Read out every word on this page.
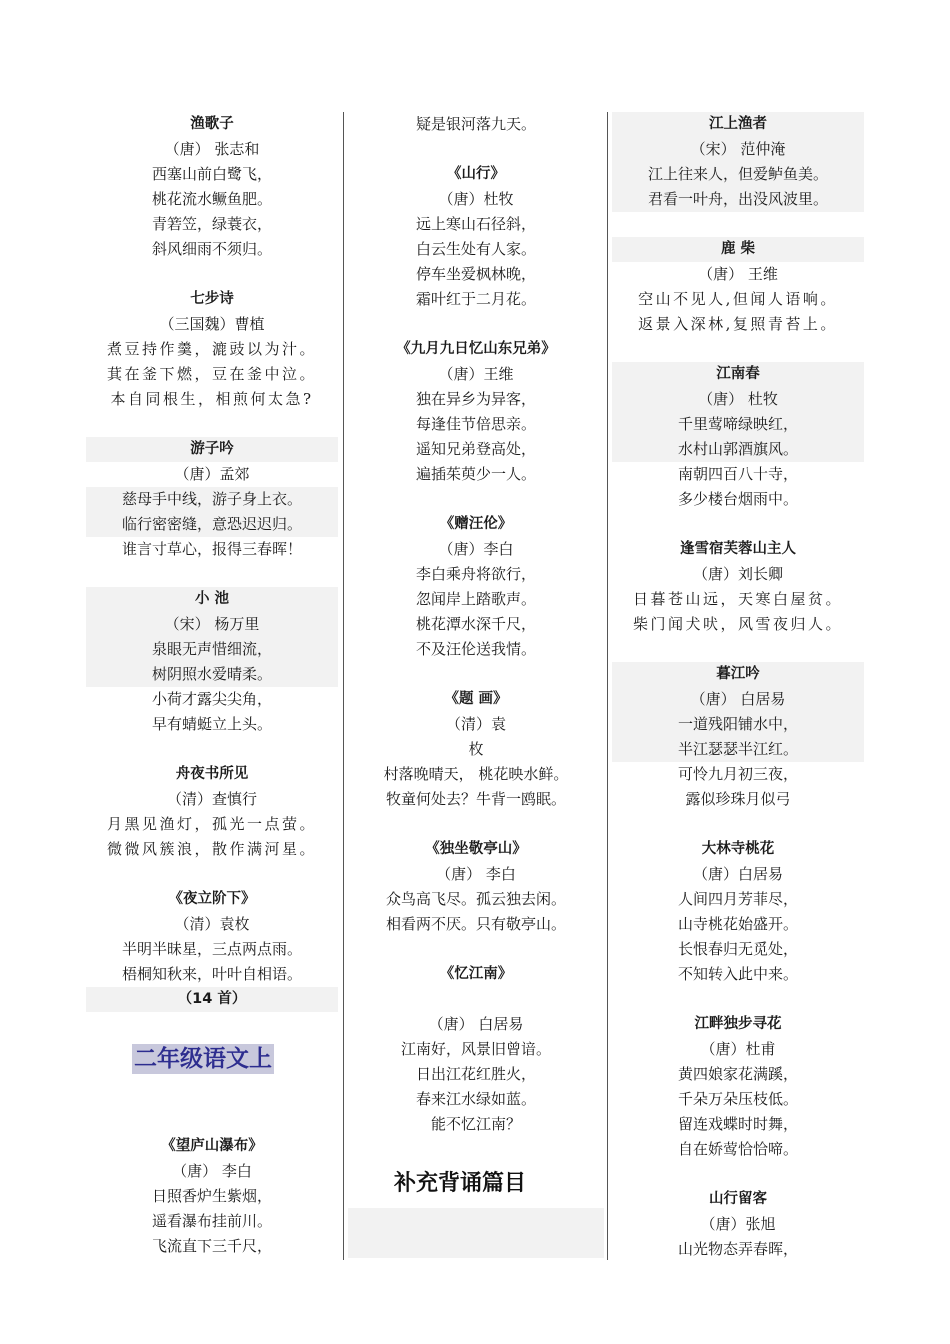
渔歌子
（唐） 张志和
西塞山前白鹭飞，
桃花流水鳜鱼肥。
青箬笠，绿蓑衣，
斜风细雨不须归。
七步诗
（三国魏）曹植
煮豆持作羹，漉豉以为汁。
萁在釜下燃，豆在釜中泣。
本自同根生，相煎何太急?
游子吟
（唐）孟郊
慈母手中线，游子身上衣。
临行密密缝，意恐迟迟归。
谁言寸草心，报得三春晖！
小 池
（宋） 杨万里
泉眼无声惜细流，
树阴照水爱晴柔。
小荷才露尖尖角，
早有蜻蜓立上头。
舟夜书所见
（清）查慎行
月黑见渔灯，孤光一点萤。
微微风簇浪，散作满河星。
《夜立阶下》
（清）袁枚
半明半昧星，三点两点雨。
梧桐知秋来，叶叶自相语。
（14 首）
《望庐山瀑布》
（唐） 李白
日照香炉生紫烟，
遥看瀑布挂前川。
飞流直下三千尺，
疑是银河落九天。
《山行》
（唐）杜牧
远上寒山石径斜，
白云生处有人家。
停车坐爱枫林晚，
霜叶红于二月花。
《九月九日忆山东兄弟》
（唐）王维
独在异乡为异客，
每逢佳节倍思亲。
遥知兄弟登高处，
遍插茱萸少一人。
《赠汪伦》
（唐）李白
李白乘舟将欲行，
忽闻岸上踏歌声。
桃花潭水深千尺，
不及汪伦送我情。
《题 画》
（清）袁
枚
村落晚晴天， 桃花映水鲜。
牧童何处去？牛背一鸥眠。
《独坐敬亭山》
（唐） 李白
众鸟高飞尽。孤云独去闲。
相看两不厌。只有敬亭山。
《忆江南》
（唐） 白居易
江南好，风景旧曾谙。
日出江花红胜火，
春来江水绿如蓝。
能不忆江南？
江上渔者
（宋） 范仲淹
江上往来人，但爱鲈鱼美。
君看一叶舟，出没风波里。
鹿 柴
（唐） 王维
空山不见人,但闻人语响。
返景入深林,复照青苔上。
江南春
（唐） 杜牧
千里莺啼绿映红，
水村山郭酒旗风。
南朝四百八十寺，
多少楼台烟雨中。
逢雪宿芙蓉山主人
（唐）刘长卿
日暮苍山远，天寒白屋贫。
柴门闻犬吠，风雪夜归人。
暮江吟
（唐） 白居易
一道残阳铺水中，
半江瑟瑟半江红。
可怜九月初三夜，
露似珍珠月似弓
大林寺桃花
（唐）白居易
人间四月芳菲尽，
山寺桃花始盛开。
长恨春归无觅处，
不知转入此中来。
江畔独步寻花
（唐）杜甫
黄四娘家花满蹊，
千朵万朵压枝低。
留连戏蝶时时舞，
自在娇莺恰恰啼。
山行留客
（唐）张旭
山光物态弄春晖，
二年级语文上
补充背诵篇目
